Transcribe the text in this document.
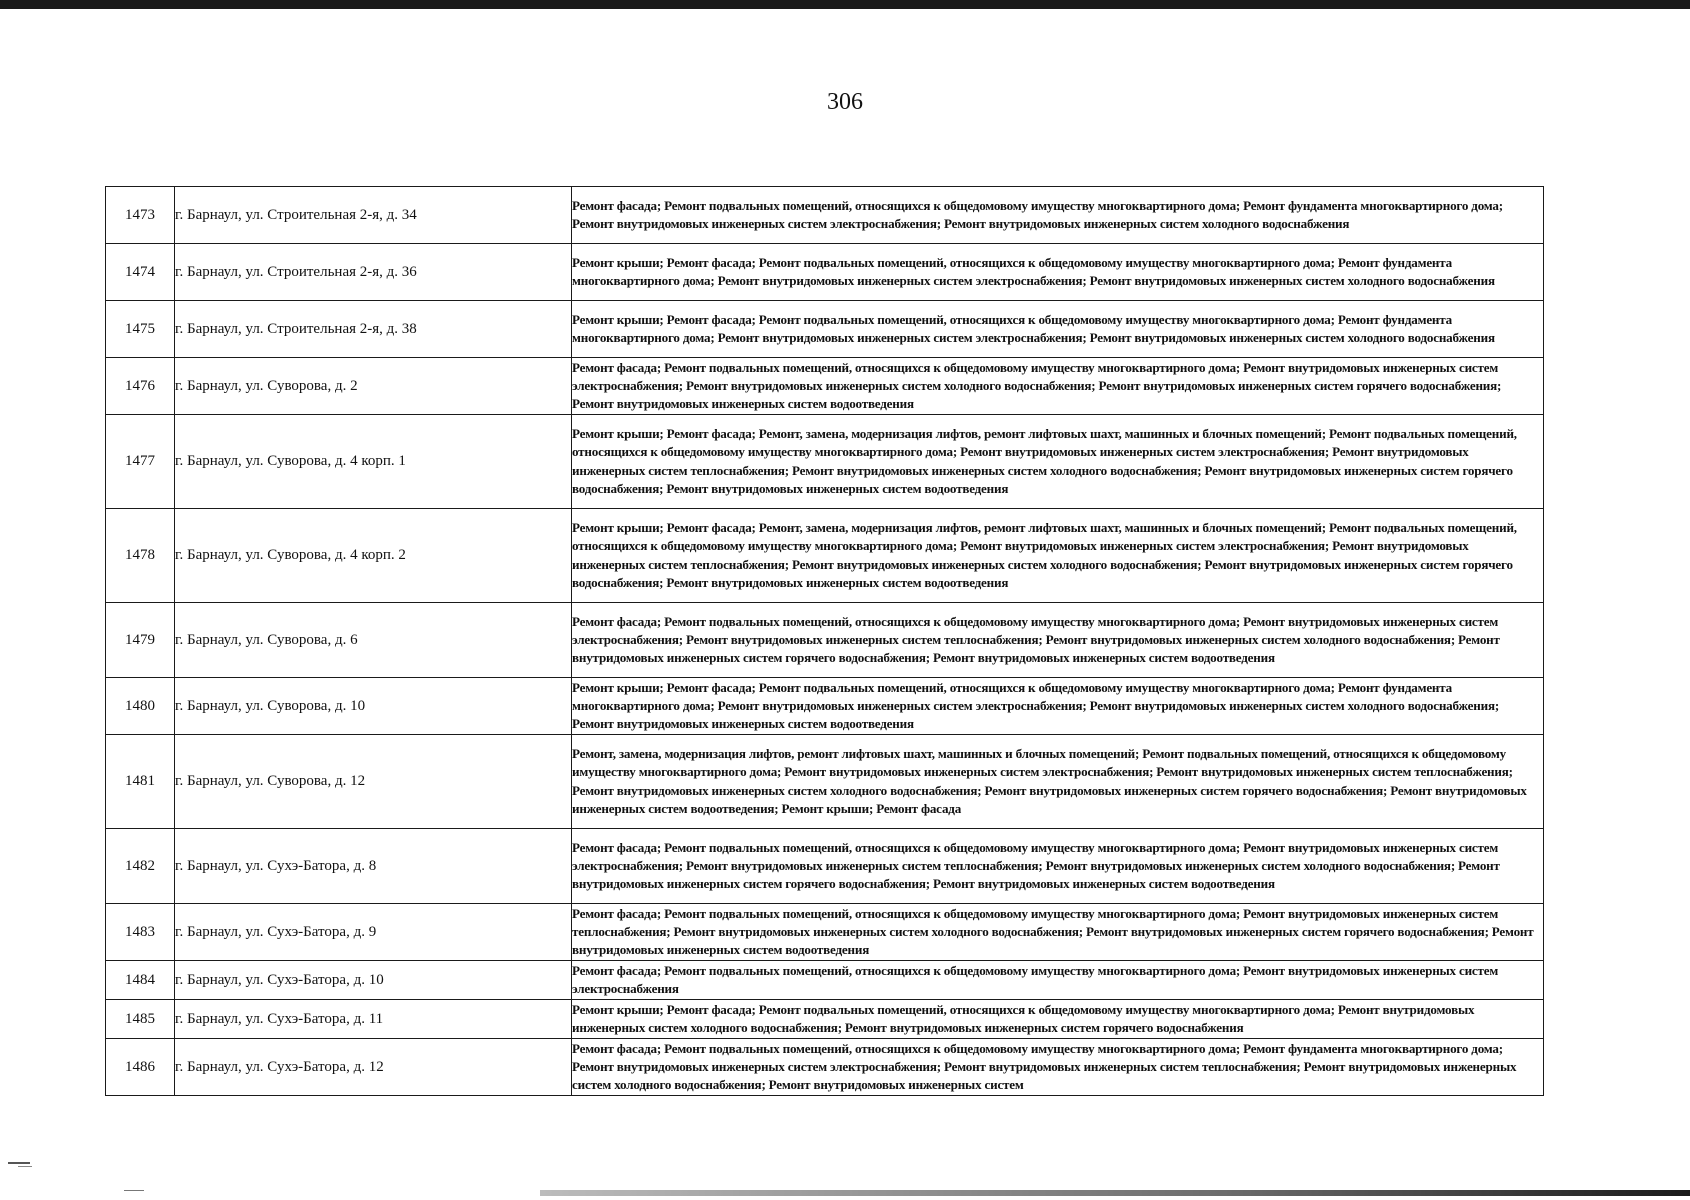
306
1473	г. Барнаул, ул. Строительная 2-я, д. 34	Ремонт фасада; Ремонт подвальных помещений, относящихся к общедомовому имуществу многоквартирного дома; Ремонт фундамента многоквартирного дома; Ремонт внутридомовых инженерных систем электроснабжения; Ремонт внутридомовых инженерных систем холодного водоснабжения

1474	г. Барнаул, ул. Строительная 2-я, д. 36	Ремонт крыши; Ремонт фасада; Ремонт подвальных помещений, относящихся к общедомовому имуществу многоквартирного дома; Ремонт фундамента многоквартирного дома; Ремонт внутридомовых инженерных систем электроснабжения; Ремонт внутридомовых инженерных систем холодного водоснабжения

1475	г. Барнаул, ул. Строительная 2-я, д. 38	Ремонт крыши; Ремонт фасада; Ремонт подвальных помещений, относящихся к общедомовому имуществу многоквартирного дома; Ремонт фундамента многоквартирного дома; Ремонт внутридомовых инженерных систем электроснабжения; Ремонт внутридомовых инженерных систем холодного водоснабжения

1476	г. Барнаул, ул. Суворова, д. 2	Ремонт фасада; Ремонт подвальных помещений, относящихся к общедомовому имуществу многоквартирного дома; Ремонт внутридомовых инженерных систем электроснабжения; Ремонт внутридомовых инженерных систем холодного водоснабжения; Ремонт внутридомовых инженерных систем горячего водоснабжения; Ремонт внутридомовых инженерных систем водоотведения

1477	г. Барнаул, ул. Суворова, д. 4 корп. 1	Ремонт крыши; Ремонт фасада; Ремонт, замена, модернизация лифтов, ремонт лифтовых шахт, машинных и блочных помещений; Ремонт подвальных помещений, относящихся к общедомовому имуществу многоквартирного дома; Ремонт внутридомовых инженерных систем электроснабжения; Ремонт внутридомовых инженерных систем теплоснабжения; Ремонт внутридомовых инженерных систем холодного водоснабжения; Ремонт внутридомовых инженерных систем горячего водоснабжения; Ремонт внутридомовых инженерных систем водоотведения

1478	г. Барнаул, ул. Суворова, д. 4 корп. 2	Ремонт крыши; Ремонт фасада; Ремонт, замена, модернизация лифтов, ремонт лифтовых шахт, машинных и блочных помещений; Ремонт подвальных помещений, относящихся к общедомовому имуществу многоквартирного дома; Ремонт внутридомовых инженерных систем электроснабжения; Ремонт внутридомовых инженерных систем теплоснабжения; Ремонт внутридомовых инженерных систем холодного водоснабжения; Ремонт внутридомовых инженерных систем горячего водоснабжения; Ремонт внутридомовых инженерных систем водоотведения

1479	г. Барнаул, ул. Суворова, д. 6	Ремонт фасада; Ремонт подвальных помещений, относящихся к общедомовому имуществу многоквартирного дома; Ремонт внутридомовых инженерных систем электроснабжения; Ремонт внутридомовых инженерных систем теплоснабжения; Ремонт внутридомовых инженерных систем холодного водоснабжения; Ремонт внутридомовых инженерных систем горячего водоснабжения; Ремонт внутридомовых инженерных систем водоотведения

1480	г. Барнаул, ул. Суворова, д. 10	Ремонт крыши; Ремонт фасада; Ремонт подвальных помещений, относящихся к общедомовому имуществу многоквартирного дома; Ремонт фундамента многоквартирного дома; Ремонт внутридомовых инженерных систем электроснабжения; Ремонт внутридомовых инженерных систем холодного водоснабжения; Ремонт внутридомовых инженерных систем водоотведения

1481	г. Барнаул, ул. Суворова, д. 12	Ремонт, замена, модернизация лифтов, ремонт лифтовых шахт, машинных и блочных помещений; Ремонт подвальных помещений, относящихся к общедомовому имуществу многоквартирного дома; Ремонт внутридомовых инженерных систем электроснабжения; Ремонт внутридомовых инженерных систем теплоснабжения; Ремонт внутридомовых инженерных систем холодного водоснабжения; Ремонт внутридомовых инженерных систем горячего водоснабжения; Ремонт внутридомовых инженерных систем водоотведения; Ремонт крыши; Ремонт фасада

1482	г. Барнаул, ул. Сухэ-Батора, д. 8	Ремонт фасада; Ремонт подвальных помещений, относящихся к общедомовому имуществу многоквартирного дома; Ремонт внутридомовых инженерных систем электроснабжения; Ремонт внутридомовых инженерных систем теплоснабжения; Ремонт внутридомовых инженерных систем холодного водоснабжения; Ремонт внутридомовых инженерных систем горячего водоснабжения; Ремонт внутридомовых инженерных систем водоотведения

1483	г. Барнаул, ул. Сухэ-Батора, д. 9	Ремонт фасада; Ремонт подвальных помещений, относящихся к общедомовому имуществу многоквартирного дома; Ремонт внутридомовых инженерных систем теплоснабжения; Ремонт внутридомовых инженерных систем холодного водоснабжения; Ремонт внутридомовых инженерных систем горячего водоснабжения; Ремонт внутридомовых инженерных систем водоотведения

1484	г. Барнаул, ул. Сухэ-Батора, д. 10	Ремонт фасада; Ремонт подвальных помещений, относящихся к общедомовому имуществу многоквартирного дома; Ремонт внутридомовых инженерных систем электроснабжения

1485	г. Барнаул, ул. Сухэ-Батора, д. 11	Ремонт крыши; Ремонт фасада; Ремонт подвальных помещений, относящихся к общедомовому имуществу многоквартирного дома; Ремонт внутридомовых инженерных систем холодного водоснабжения; Ремонт внутридомовых инженерных систем горячего водоснабжения

1486	г. Барнаул, ул. Сухэ-Батора, д. 12	Ремонт фасада; Ремонт подвальных помещений, относящихся к общедомовому имуществу многоквартирного дома; Ремонт фундамента многоквартирного дома; Ремонт внутридомовых инженерных систем электроснабжения; Ремонт внутридомовых инженерных систем теплоснабжения; Ремонт внутридомовых инженерных систем холодного водоснабжения; Ремонт внутридомовых инженерных систем
